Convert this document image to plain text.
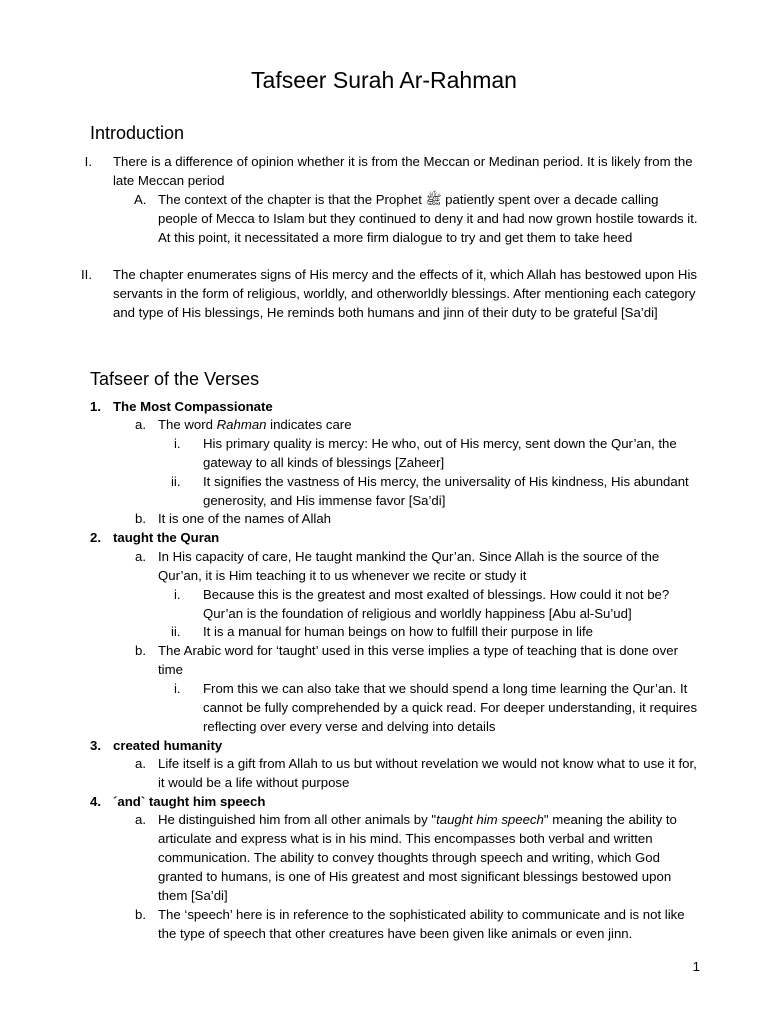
Tafseer Surah Ar-Rahman
Introduction
I. There is a difference of opinion whether it is from the Meccan or Medinan period. It is likely from the late Meccan period
A. The context of the chapter is that the Prophet ﷺ patiently spent over a decade calling people of Mecca to Islam but they continued to deny it and had now grown hostile towards it. At this point, it necessitated a more firm dialogue to try and get them to take heed
II. The chapter enumerates signs of His mercy and the effects of it, which Allah has bestowed upon His servants in the form of religious, worldly, and otherworldly blessings. After mentioning each category and type of His blessings, He reminds both humans and jinn of their duty to be grateful [Sa’di]
Tafseer of the Verses
1. The Most Compassionate
a. The word Rahman indicates care
i. His primary quality is mercy: He who, out of His mercy, sent down the Qur’an, the gateway to all kinds of blessings [Zaheer]
ii. It signifies the vastness of His mercy, the universality of His kindness, His abundant generosity, and His immense favor [Sa’di]
b. It is one of the names of Allah
2. taught the Quran
a. In His capacity of care, He taught mankind the Qur’an. Since Allah is the source of the Qur’an, it is Him teaching it to us whenever we recite or study it
i. Because this is the greatest and most exalted of blessings. How could it not be? Qur’an is the foundation of religious and worldly happiness [Abu al-Su’ud]
ii. It is a manual for human beings on how to fulfill their purpose in life
b. The Arabic word for ‘taught’ used in this verse implies a type of teaching that is done over time
i. From this we can also take that we should spend a long time learning the Qur’an. It cannot be fully comprehended by a quick read. For deeper understanding, it requires reflecting over every verse and delving into details
3. created humanity
a. Life itself is a gift from Allah to us but without revelation we would not know what to use it for, it would be a life without purpose
4. ´and` taught him speech
a. He distinguished him from all other animals by "taught him speech" meaning the ability to articulate and express what is in his mind. This encompasses both verbal and written communication. The ability to convey thoughts through speech and writing, which God granted to humans, is one of His greatest and most significant blessings bestowed upon them [Sa’di]
b. The ‘speech’ here is in reference to the sophisticated ability to communicate and is not like the type of speech that other creatures have been given like animals or even jinn.
1
